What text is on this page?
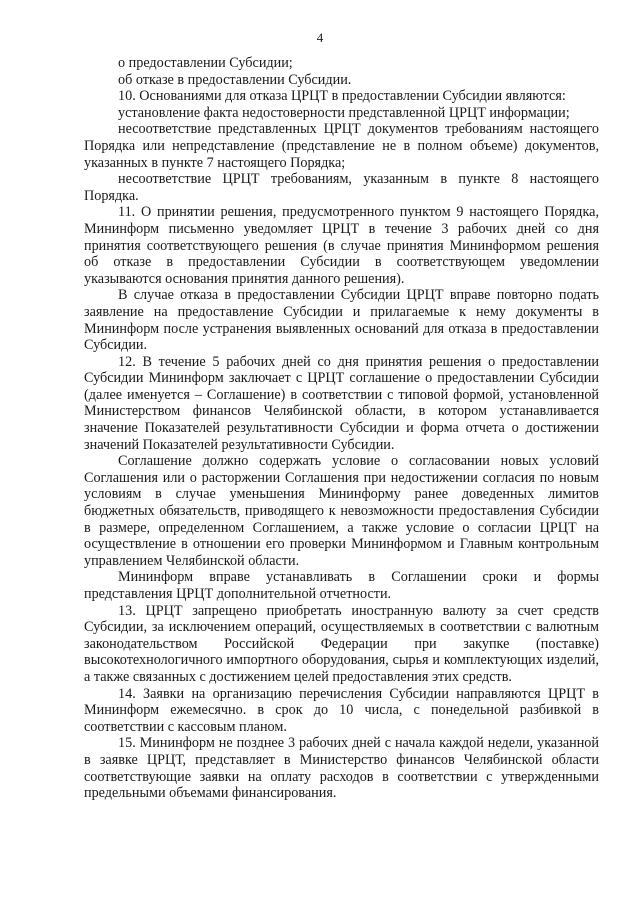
4

о предоставлении Субсидии;

об отказе в предоставлении Субсидии.

10. Основаниями для отказа ЦРЦТ в предоставлении Субсидии являются:

установление факта недостоверности представленной ЦРЦТ информации;

несоответствие представленных ЦРЦТ документов требованиям настоящего Порядка или непредставление (представление не в полном объеме) документов, указанных в пункте 7 настоящего Порядка;

несоответствие ЦРЦТ требованиям, указанным в пункте 8 настоящего Порядка.

11. О принятии решения, предусмотренного пунктом 9 настоящего Порядка, Мининформ письменно уведомляет ЦРЦТ в течение 3 рабочих дней со дня принятия соответствующего решения (в случае принятия Мининформом решения об отказе в предоставлении Субсидии в соответствующем уведомлении указываются основания принятия данного решения).

В случае отказа в предоставлении Субсидии ЦРЦТ вправе повторно подать заявление на предоставление Субсидии и прилагаемые к нему документы в Мининформ после устранения выявленных оснований для отказа в предоставлении Субсидии.

12. В течение 5 рабочих дней со дня принятия решения о предоставлении Субсидии Мининформ заключает с ЦРЦТ соглашение о предоставлении Субсидии (далее именуется – Соглашение) в соответствии с типовой формой, установленной Министерством финансов Челябинской области, в котором устанавливается значение Показателей результативности Субсидии и форма отчета о достижении значений Показателей результативности Субсидии.

Соглашение должно содержать условие о согласовании новых условий Соглашения или о расторжении Соглашения при недостижении согласия по новым условиям в случае уменьшения Мининформу ранее доведенных лимитов бюджетных обязательств, приводящего к невозможности предоставления Субсидии в размере, определенном Соглашением, а также условие о согласии ЦРЦТ на осуществление в отношении его проверки Мининформом и Главным контрольным управлением Челябинской области.

Мининформ вправе устанавливать в Соглашении сроки и формы представления ЦРЦТ дополнительной отчетности.

13. ЦРЦТ запрещено приобретать иностранную валюту за счет средств Субсидии, за исключением операций, осуществляемых в соответствии с валютным законодательством Российской Федерации при закупке (поставке) высокотехнологичного импортного оборудования, сырья и комплектующих изделий, а также связанных с достижением целей предоставления этих средств.

14. Заявки на организацию перечисления Субсидии направляются ЦРЦТ в Мининформ ежемесячно. в срок до 10 числа, с понедельной разбивкой в соответствии с кассовым планом.

15. Мининформ не позднее 3 рабочих дней с начала каждой недели, указанной в заявке ЦРЦТ, представляет в Министерство финансов Челябинской области соответствующие заявки на оплату расходов в соответствии с утвержденными предельными объемами финансирования.
